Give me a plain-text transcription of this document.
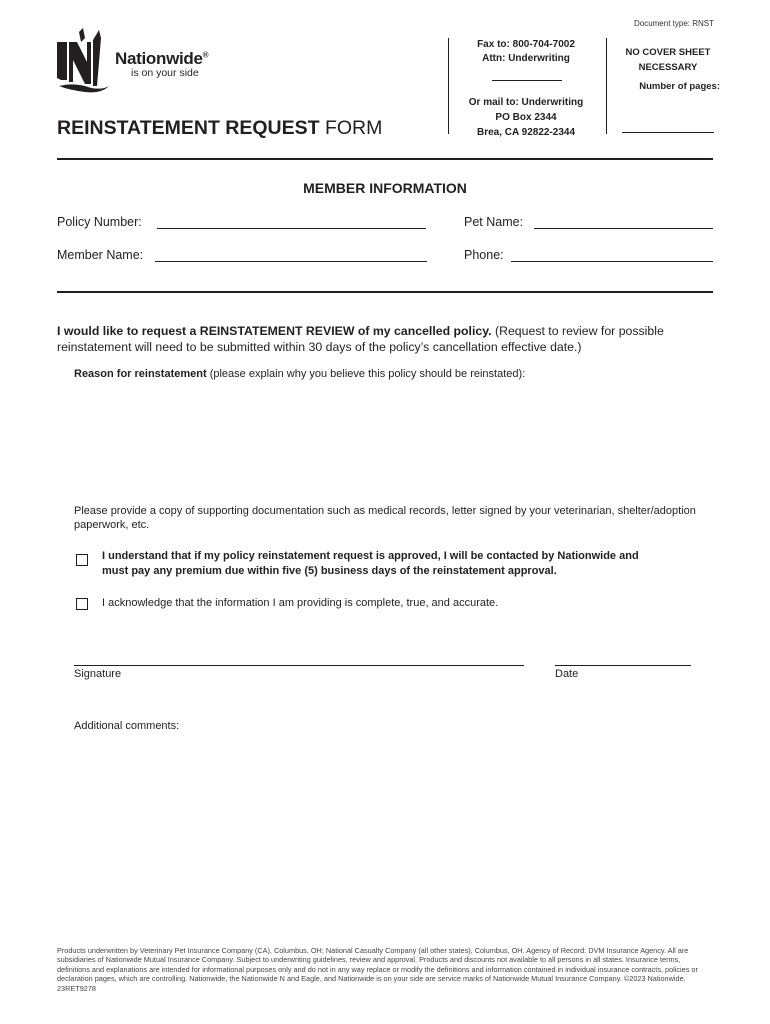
Document type: RNST
Nationwide®
is on your side
REINSTATEMENT REQUEST FORM
Fax to: 800-704-7002
Attn: Underwriting
Or mail to: Underwriting
PO Box 2344
Brea, CA 92822-2344
NO COVER SHEET
NECESSARY
Number of pages:
MEMBER INFORMATION
Policy Number:	Pet Name:
Member Name:	Phone:
I would like to request a REINSTATEMENT REVIEW of my cancelled policy. (Request to review for possible reinstatement will need to be submitted within 30 days of the policy’s cancellation effective date.)
Reason for reinstatement (please explain why you believe this policy should be reinstated):
Please provide a copy of supporting documentation such as medical records, letter signed by your veterinarian, shelter/adoption paperwork, etc.
I understand that if my policy reinstatement request is approved, I will be contacted by Nationwide and
must pay any premium due within five (5) business days of the reinstatement approval.
I acknowledge that the information I am providing is complete, true, and accurate.
Signature	Date
Additional comments:
Products underwritten by Veterinary Pet Insurance Company (CA), Columbus, OH; National Casualty Company (all other states), Columbus, OH. Agency of Record: DVM Insurance Agency. All are subsidiaries of Nationwide Mutual Insurance Company. Subject to underwriting guidelines, review and approval. Products and discounts not available to all persons in all states. Insurance terms, definitions and explanations are intended for informational purposes only and do not in any way replace or modify the definitions and information contained in individual insurance contracts, policies or declaration pages, which are controlling. Nationwide, the Nationwide N and Eagle, and Nationwide is on your side are service marks of Nationwide Mutual Insurance Company. ©2023 Nationwide. 23RET9278
